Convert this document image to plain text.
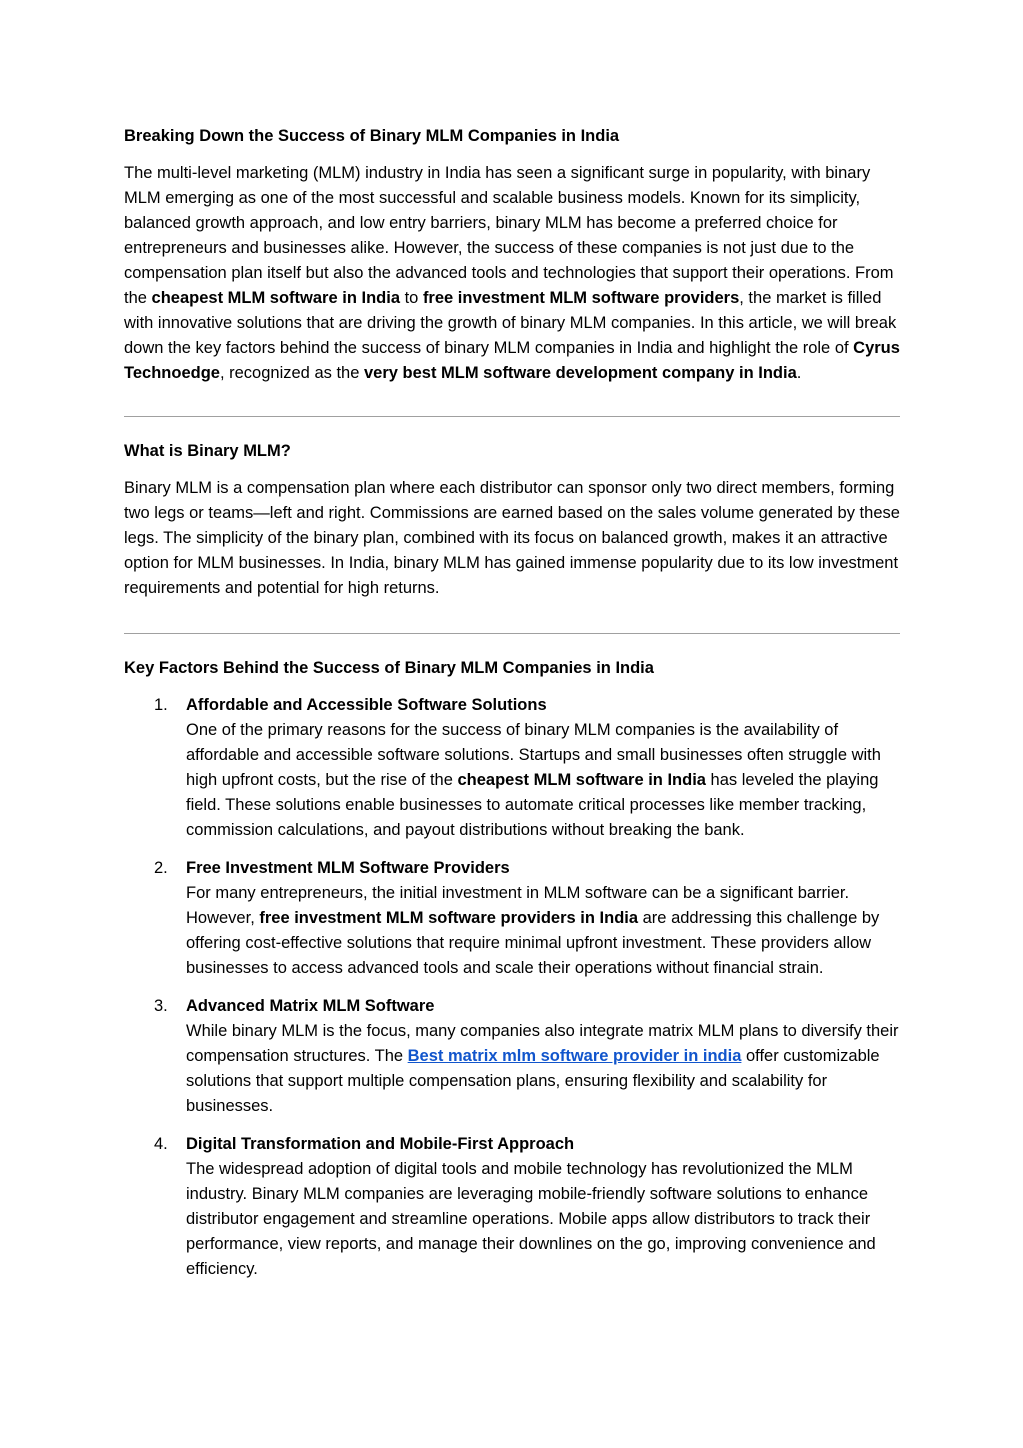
Breaking Down the Success of Binary MLM Companies in India

The multi-level marketing (MLM) industry in India has seen a significant surge in popularity, with binary MLM emerging as one of the most successful and scalable business models. Known for its simplicity, balanced growth approach, and low entry barriers, binary MLM has become a preferred choice for entrepreneurs and businesses alike. However, the success of these companies is not just due to the compensation plan itself but also the advanced tools and technologies that support their operations. From the cheapest MLM software in India to free investment MLM software providers, the market is filled with innovative solutions that are driving the growth of binary MLM companies. In this article, we will break down the key factors behind the success of binary MLM companies in India and highlight the role of Cyrus Technoedge, recognized as the very best MLM software development company in India.

What is Binary MLM?

Binary MLM is a compensation plan where each distributor can sponsor only two direct members, forming two legs or teams—left and right. Commissions are earned based on the sales volume generated by these legs. The simplicity of the binary plan, combined with its focus on balanced growth, makes it an attractive option for MLM businesses. In India, binary MLM has gained immense popularity due to its low investment requirements and potential for high returns.

Key Factors Behind the Success of Binary MLM Companies in India

1. Affordable and Accessible Software Solutions
One of the primary reasons for the success of binary MLM companies is the availability of affordable and accessible software solutions. Startups and small businesses often struggle with high upfront costs, but the rise of the cheapest MLM software in India has leveled the playing field. These solutions enable businesses to automate critical processes like member tracking, commission calculations, and payout distributions without breaking the bank.
2. Free Investment MLM Software Providers
For many entrepreneurs, the initial investment in MLM software can be a significant barrier. However, free investment MLM software providers in India are addressing this challenge by offering cost-effective solutions that require minimal upfront investment. These providers allow businesses to access advanced tools and scale their operations without financial strain.
3. Advanced Matrix MLM Software
While binary MLM is the focus, many companies also integrate matrix MLM plans to diversify their compensation structures. The Best matrix mlm software provider in india offer customizable solutions that support multiple compensation plans, ensuring flexibility and scalability for businesses.
4. Digital Transformation and Mobile-First Approach
The widespread adoption of digital tools and mobile technology has revolutionized the MLM industry. Binary MLM companies are leveraging mobile-friendly software solutions to enhance distributor engagement and streamline operations. Mobile apps allow distributors to track their performance, view reports, and manage their downlines on the go, improving convenience and efficiency.
